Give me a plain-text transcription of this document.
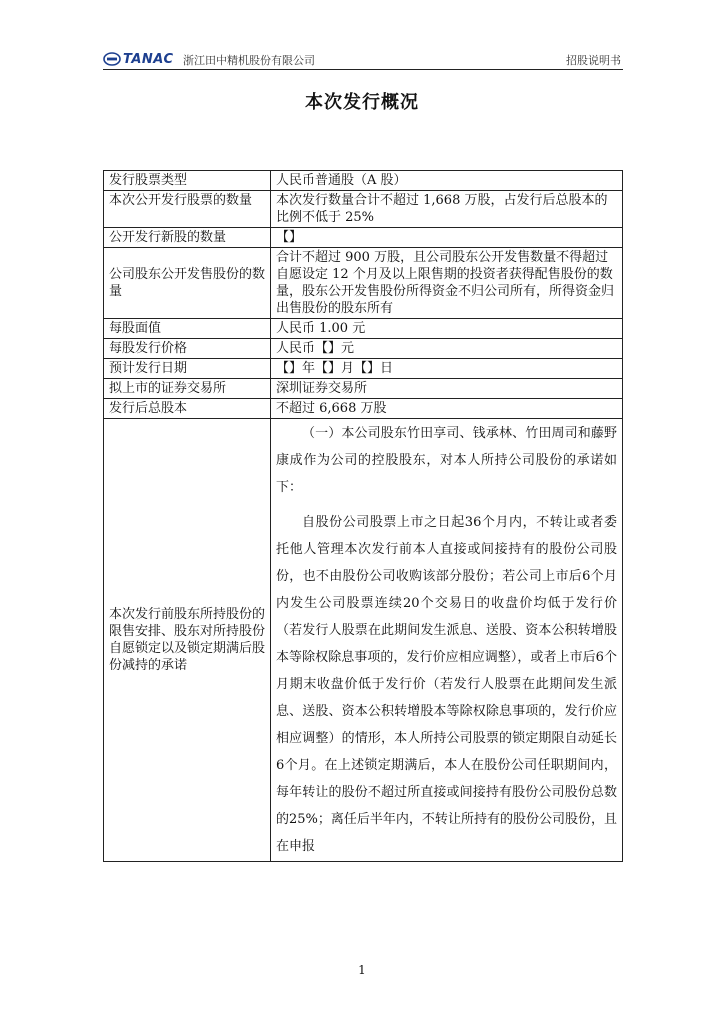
TANAC 浙江田中精机股份有限公司	招股说明书
本次发行概况
发行股票类型	人民币普通股（A 股）
本次公开发行股票的数量	本次发行数量合计不超过 1,668 万股，占发行后总股本的比例不低于 25%
公开发行新股的数量	【】
公司股东公开发售股份的数量	合计不超过 900 万股，且公司股东公开发售数量不得超过自愿设定 12 个月及以上限售期的投资者获得配售股份的数量，股东公开发售股份所得资金不归公司所有，所得资金归出售股份的股东所有
每股面值	人民币 1.00 元
每股发行价格	人民币【】元
预计发行日期	【】年【】月【】日
拟上市的证券交易所	深圳证券交易所
发行后总股本	不超过 6,668 万股
本次发行前股东所持股份的限售安排、股东对所持股份自愿锁定以及锁定期满后股份减持的承诺	（一）本公司股东竹田享司、钱承林、竹田周司和藤野康成作为公司的控股股东，对本人所持公司股份的承诺如下：

自股份公司股票上市之日起36个月内，不转让或者委托他人管理本次发行前本人直接或间接持有的股份公司股份，也不由股份公司收购该部分股份；若公司上市后6个月内发生公司股票连续20个交易日的收盘价均低于发行价（若发行人股票在此期间发生派息、送股、资本公积转增股本等除权除息事项的，发行价应相应调整），或者上市后6个月期末收盘价低于发行价（若发行人股票在此期间发生派息、送股、资本公积转增股本等除权除息事项的，发行价应相应调整）的情形，本人所持公司股票的锁定期限自动延长6个月。在上述锁定期满后，本人在股份公司任职期间内，每年转让的股份不超过所直接或间接持有股份公司股份总数的25%；离任后半年内，不转让所持有的股份公司股份，且在申报

1
